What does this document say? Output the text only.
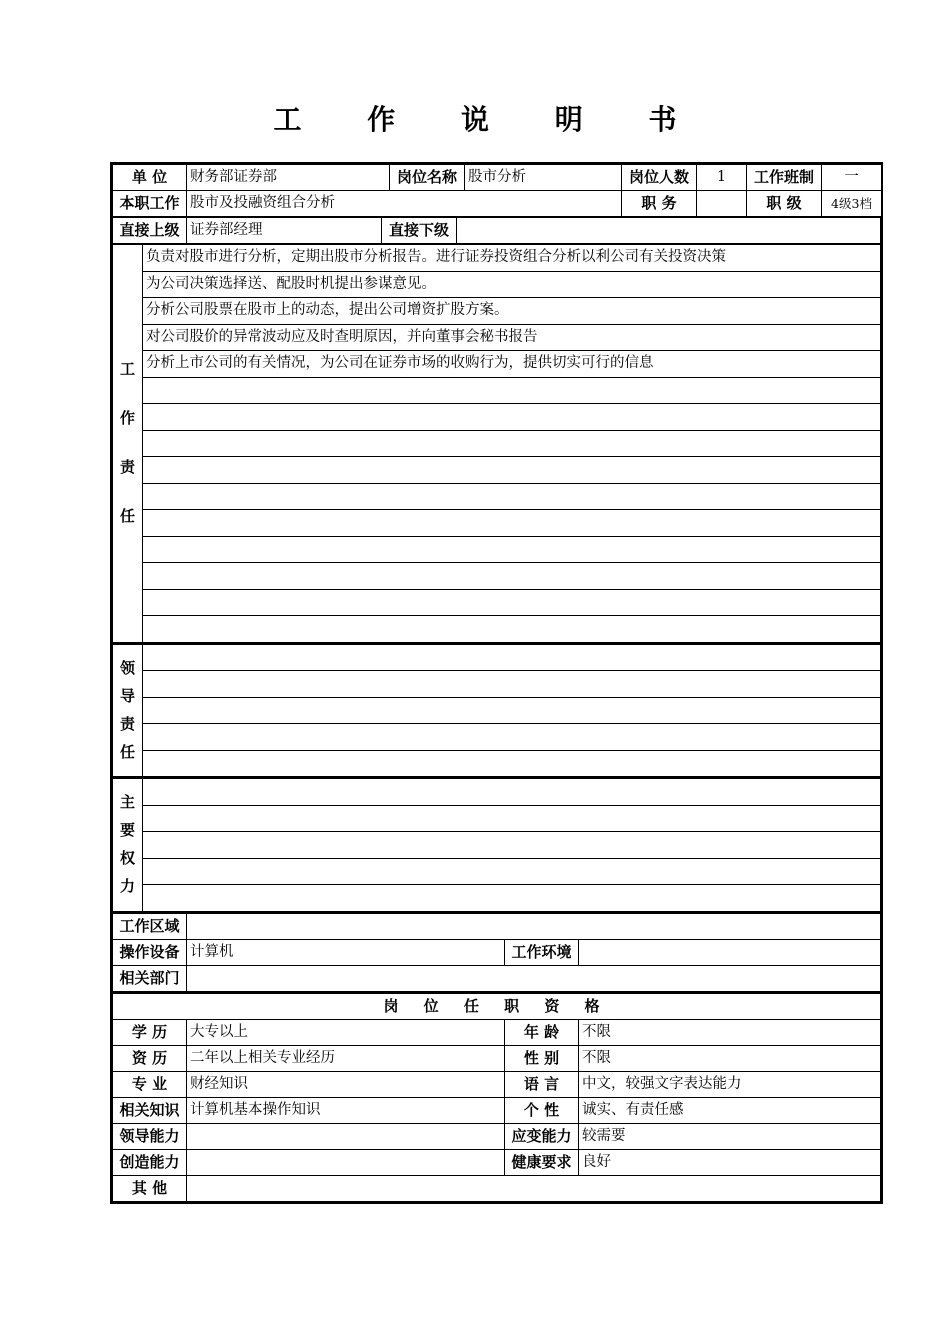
工 作 说 明 书
单 位	财务部证券部	岗位名称	股市分析	岗位人数	1	工作班制	一
本职工作	股市及投融资组合分析			职 务		职 级	4级3档
直接上级	证券部经理	直接下级	
工
作
责
任
	负责对股市进行分析，定期出股市分析报告。进行证券投资组合分析以利公司有关投资决策
为公司决策选择送、配股时机提出参谋意见。
分析公司股票在股市上的动态，提出公司增资扩股方案。
对公司股价的异常波动应及时查明原因，并向董事会秘书报告
分析上市公司的有关情况，为公司在证券市场的收购行为，提供切实可行的信息

领
导
责
任

主
要
权
力

工作区域			
操作设备	计算机	工作环境	
相关部门			
岗 位 任 职 资 格			
学 历	大专以上	年 龄	不限
资 历	二年以上相关专业经历	性 别	不限
专 业	财经知识	语 言	中文，较强文字表达能力
相关知识	计算机基本操作知识	个 性	诚实、有责任感
领导能力		应变能力	较需要
创造能力		健康要求	良好
其 他			
